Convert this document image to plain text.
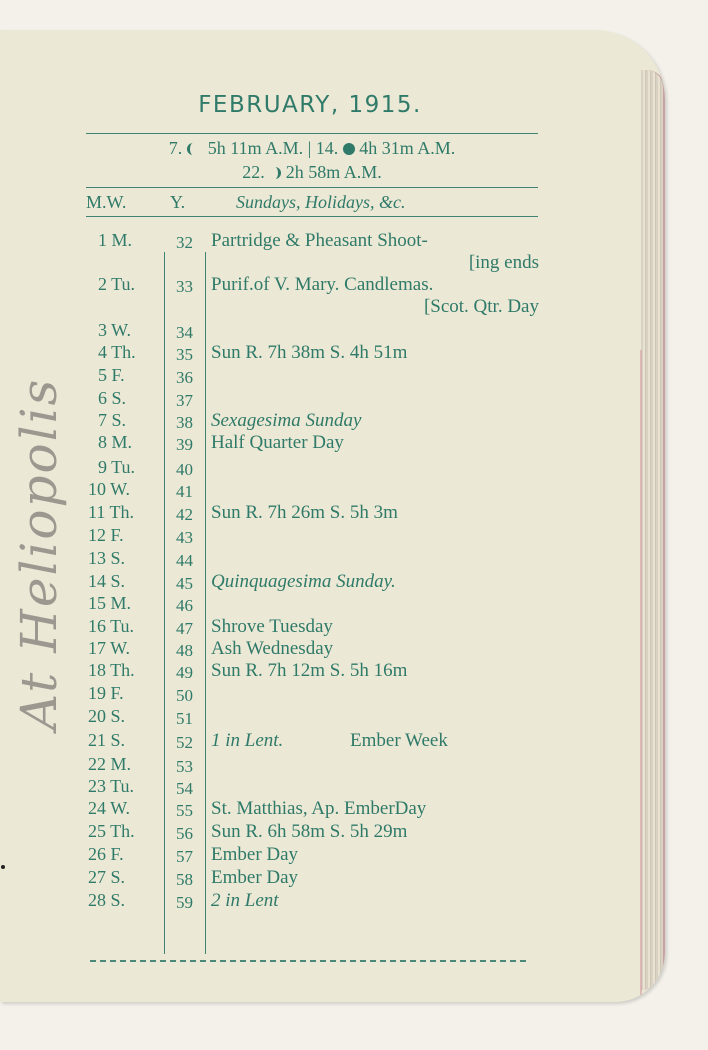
FEBRUARY, 1915.
7. 5h 11m A.M. | 14. 4h 31m A.M.
22. 2h 58m A.M.
M.W. Y.	Sundays, Holidays, &c.
1 M.	32 Partridge & Pheasant Shoot-
[ing ends
2 Tu. 33 Purif.of V. Mary. Candlemas.
[Scot. Qtr. Day
3 W.	34
4 Th. 35 Sun R. 7h 38m S. 4h 51m
5 F.	36
6 S.	37
7 S.	38 Sexagesima Sunday
8 M.	39 Half Quarter Day
9 Tu. 40
10 W.	41
11 Th. 42 Sun R. 7h 26m S. 5h 3m
12 F.	43
13 S.	44
14 S.	45 Quinquagesima Sunday.
15 M.	46
16 Tu. 47 Shrove Tuesday
17 W.	48 Ash Wednesday
18 Th. 49 Sun R. 7h 12m S. 5h 16m
19 F.	50
20 S.	51
21 S.	52 1 in Lent.	Ember Week
22 M.	53
23 Tu. 54
24 W.	55 St. Matthias, Ap. EmberDay
25 Th. 56 Sun R. 6h 58m S. 5h 29m
26 F.	57 Ember Day
27 S.	58 Ember Day
28 S.	59 2 in Lent
At Heliopolis
